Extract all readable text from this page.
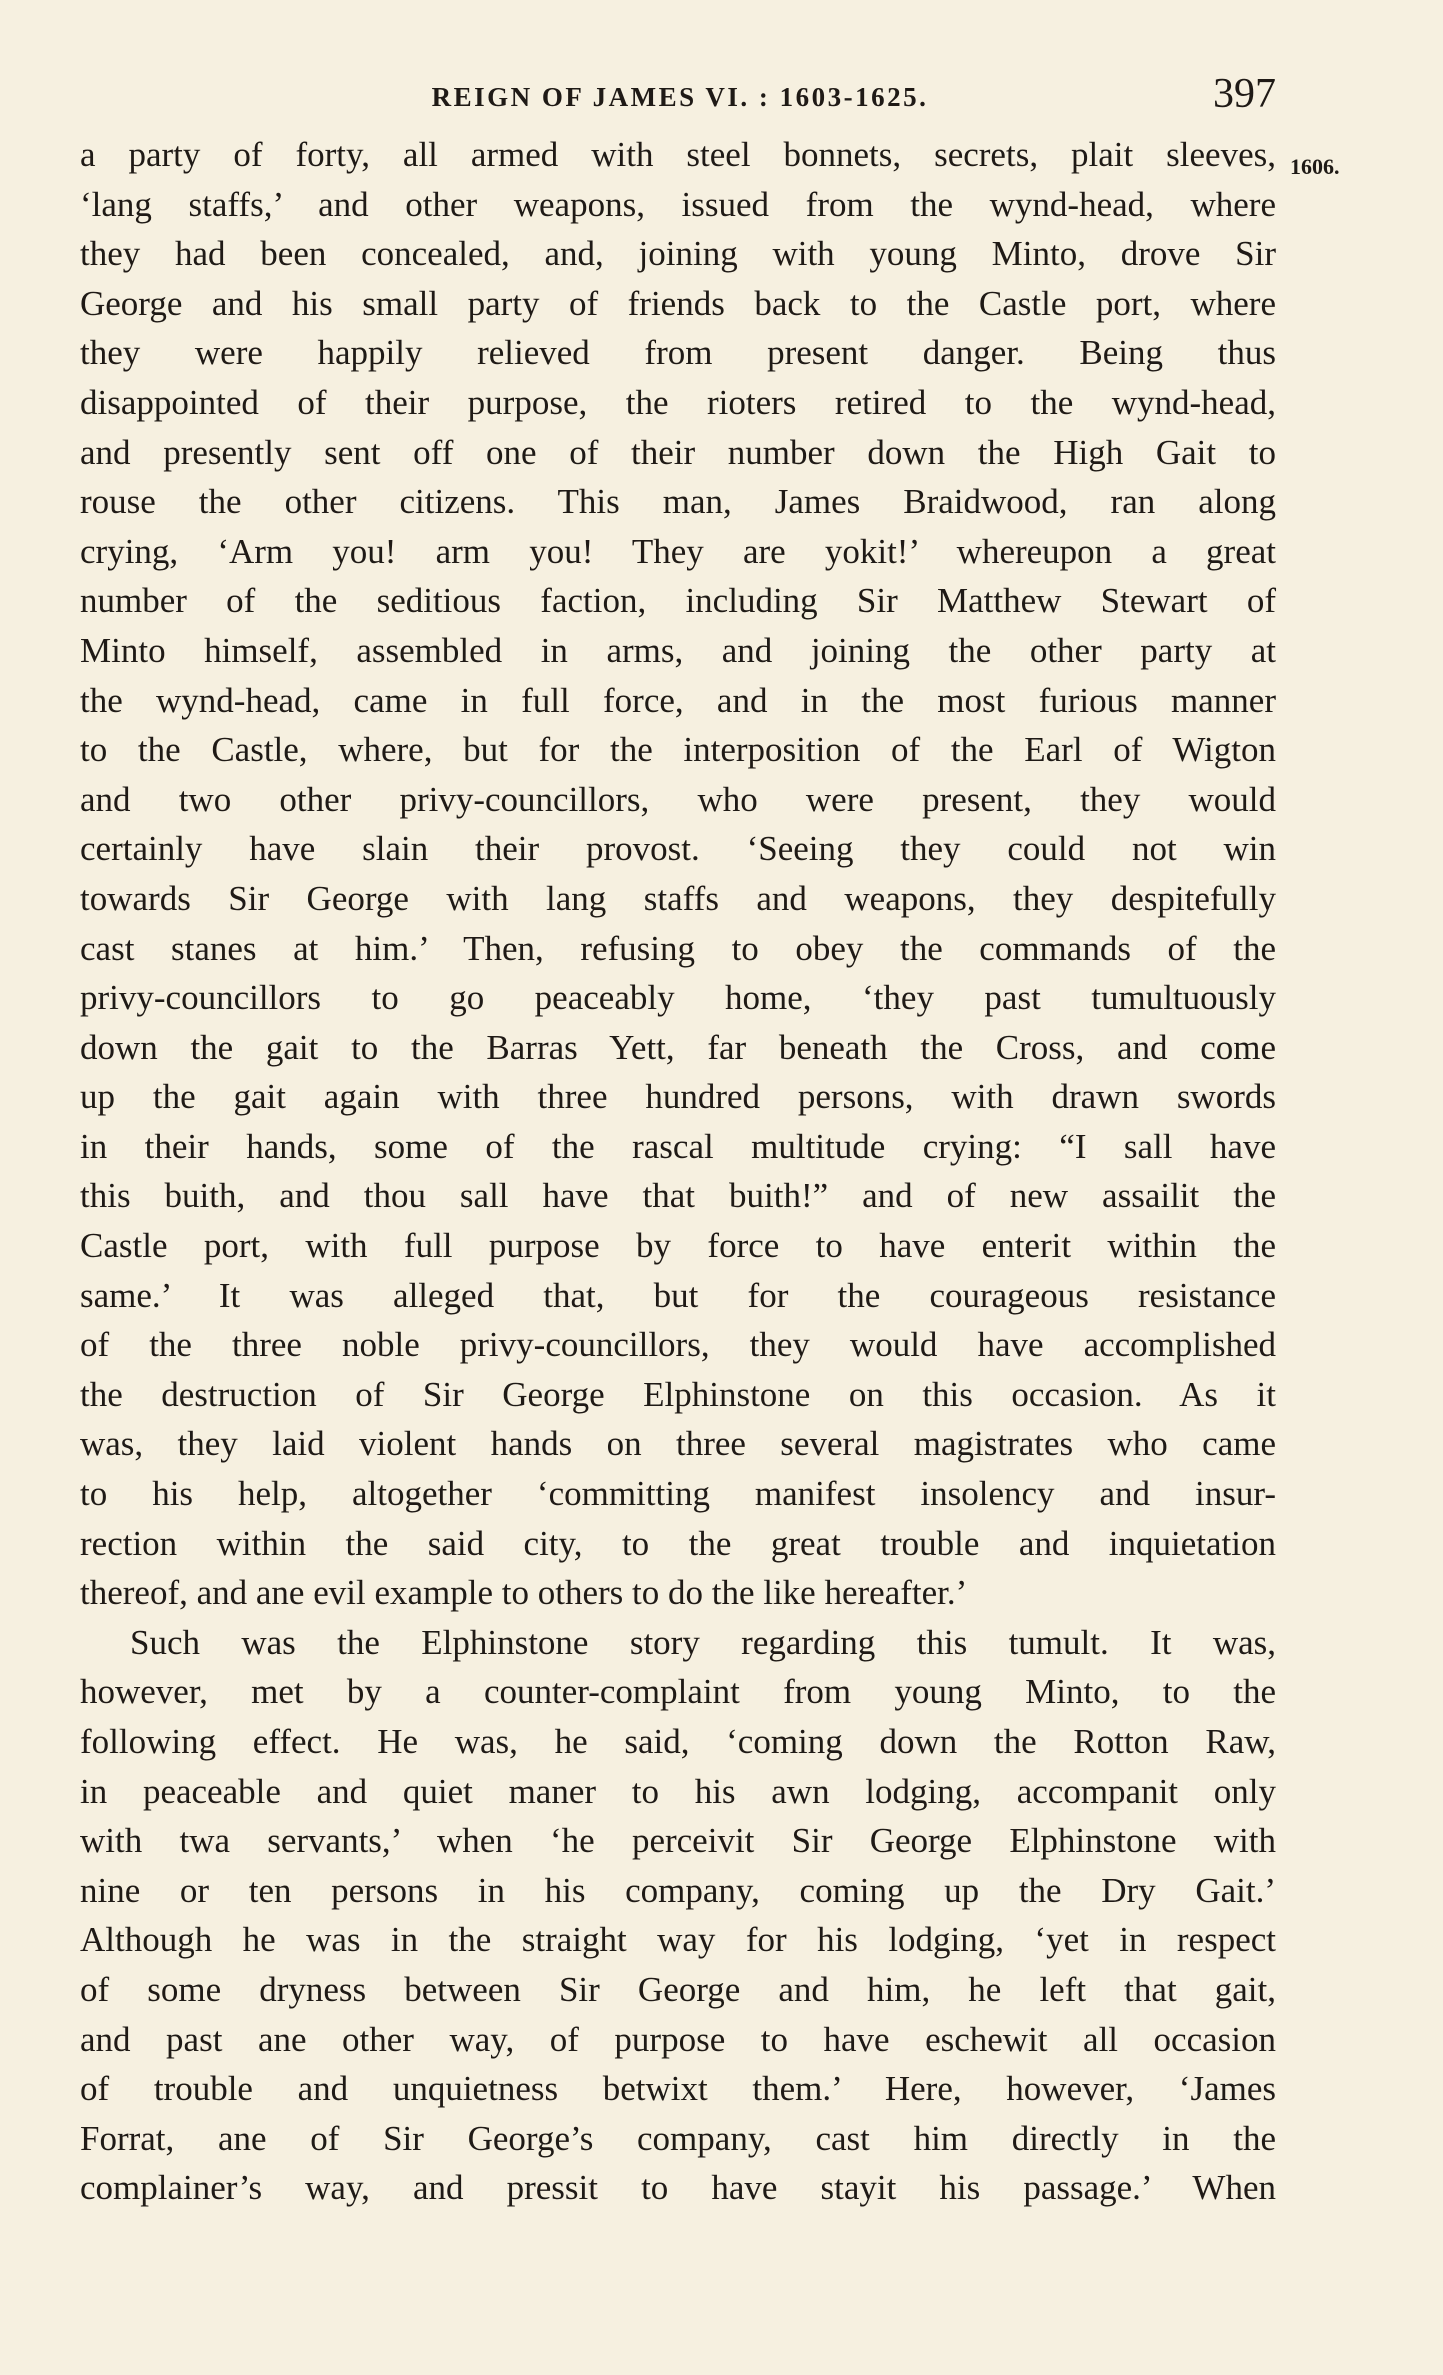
REIGN OF JAMES VI. : 1603-1625.	397
1606.
a party of forty, all armed with steel bonnets, secrets, plait sleeves,
‘lang staffs,’ and other weapons, issued from the wynd-head, where
they had been concealed, and, joining with young Minto, drove Sir
George and his small party of friends back to the Castle port, where
they were happily relieved from present danger. Being thus
disappointed of their purpose, the rioters retired to the wynd-head,
and presently sent off one of their number down the High Gait to
rouse the other citizens. This man, James Braidwood, ran along
crying, ‘Arm you! arm you! They are yokit!’ whereupon a great
number of the seditious faction, including Sir Matthew Stewart of
Minto himself, assembled in arms, and joining the other party at
the wynd-head, came in full force, and in the most furious manner
to the Castle, where, but for the interposition of the Earl of Wigton
and two other privy-councillors, who were present, they would
certainly have slain their provost. ‘Seeing they could not win
towards Sir George with lang staffs and weapons, they despitefully
cast stanes at him.’ Then, refusing to obey the commands of the
privy-councillors to go peaceably home, ‘they past tumultuously
down the gait to the Barras Yett, far beneath the Cross, and come
up the gait again with three hundred persons, with drawn swords
in their hands, some of the rascal multitude crying: “I sall have
this buith, and thou sall have that buith!” and of new assailit the
Castle port, with full purpose by force to have enterit within the
same.’ It was alleged that, but for the courageous resistance
of the three noble privy-councillors, they would have accomplished
the destruction of Sir George Elphinstone on this occasion. As it
was, they laid violent hands on three several magistrates who came
to his help, altogether ‘committing manifest insolency and insur-
rection within the said city, to the great trouble and inquietation
thereof, and ane evil example to others to do the like hereafter.’
Such was the Elphinstone story regarding this tumult. It was,
however, met by a counter-complaint from young Minto, to the
following effect. He was, he said, ‘coming down the Rotton Raw,
in peaceable and quiet maner to his awn lodging, accompanit only
with twa servants,’ when ‘he perceivit Sir George Elphinstone with
nine or ten persons in his company, coming up the Dry Gait.’
Although he was in the straight way for his lodging, ‘yet in respect
of some dryness between Sir George and him, he left that gait,
and past ane other way, of purpose to have eschewit all occasion
of trouble and unquietness betwixt them.’ Here, however, ‘James
Forrat, ane of Sir George’s company, cast him directly in the
complainer’s way, and pressit to have stayit his passage.’ When
